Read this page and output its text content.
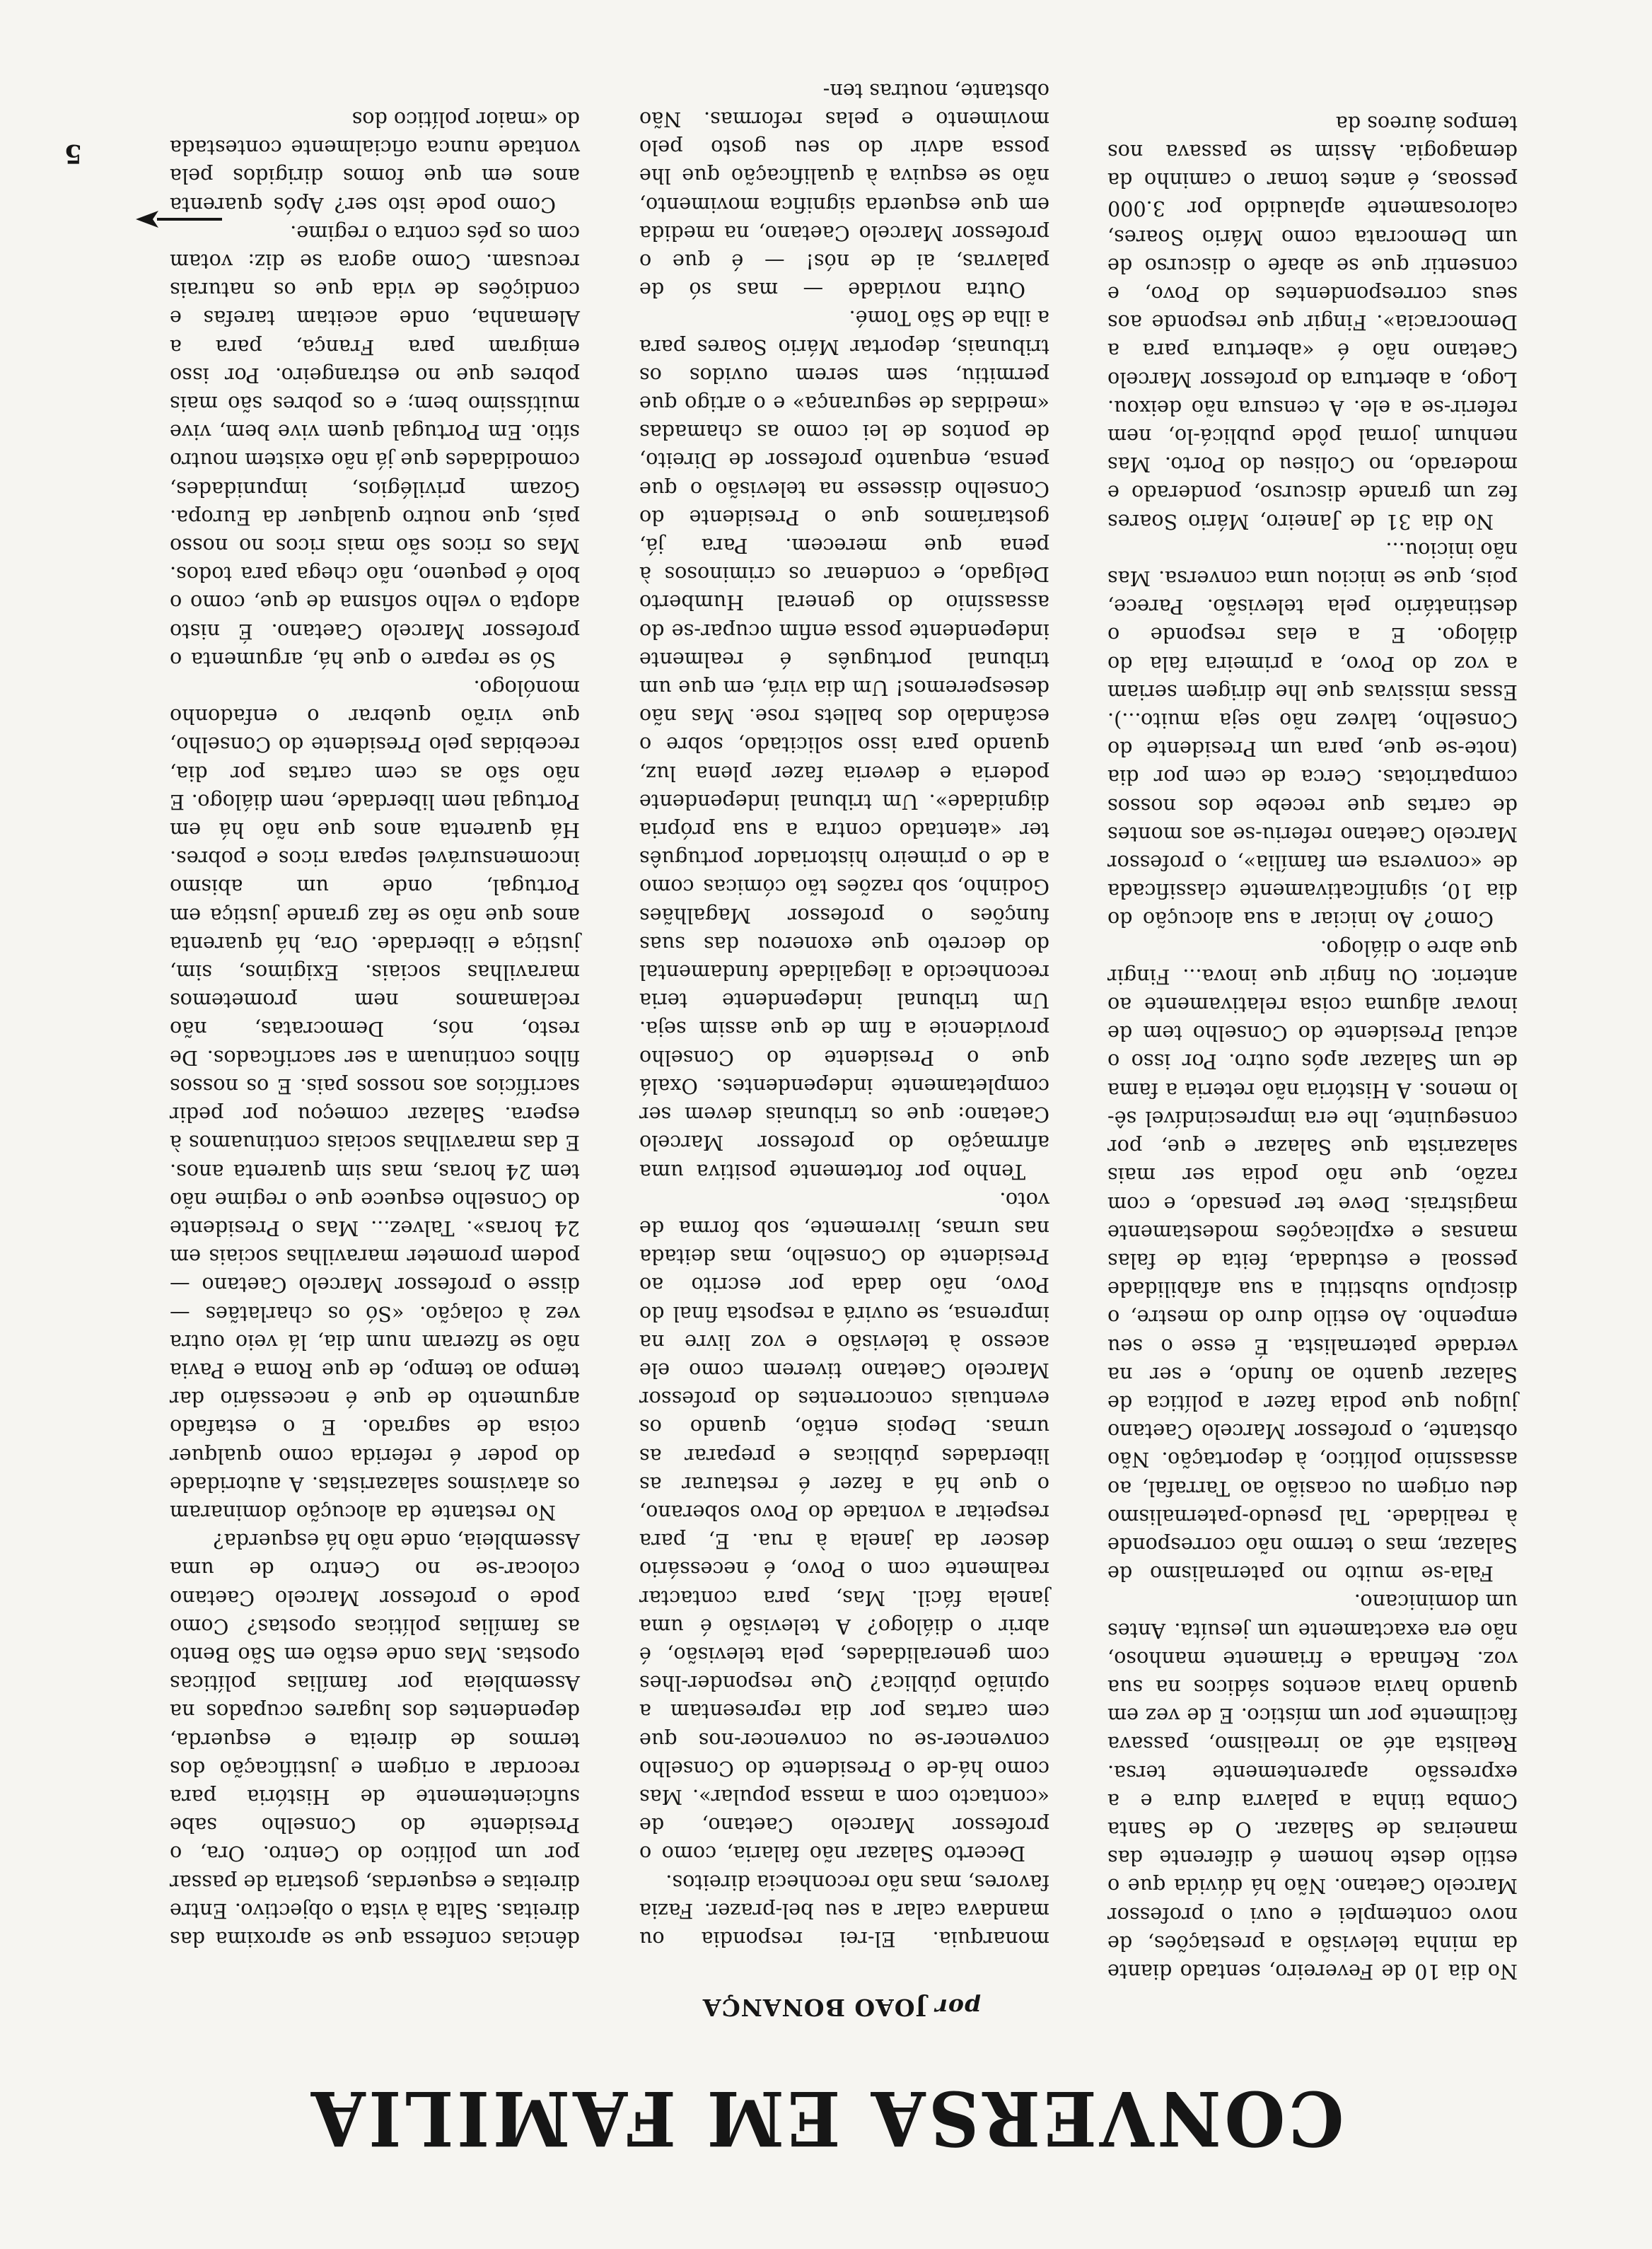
CONVERSA EM FAMILIA
por JOAO BONANÇA

No dia 10 de Fevereiro, sentado diante da minha televisão a prestações, de novo contemplei e ouvi o professor Marcelo Caetano. Não há dúvida que o estilo deste homem é diferente das maneiras de Salazar. O de Santa Comba tinha a palavra dura e a expressão aparentemente tersa. Realista até ao irrealismo, passava fàcilmente por um místico. E de vez em quando havia acentos sádicos na sua voz. Refinada e friamente manhoso, não era exactamente um jesuíta. Antes um dominicano.

Fala-se muito no paternalismo de Salazar, mas o termo não corresponde à realidade. Tal pseudo-paternalismo deu origem ou ocasião ao Tarrafal, ao assassínio político, à deportação. Não obstante, o professor Marcelo Caetano julgou que podia fazer a política de Salazar quanto ao fundo, e ser na verdade paternalista. É esse o seu empenho. Ao estilo duro do mestre, o discípulo substitui a sua afabilidade pessoal e estudada, feita de falas mansas e explicações modestamente magistrais. Deve ter pensado, e com razão, que não podia ser mais salazarista que Salazar e que, por conseguinte, lhe era imprescindível sê-lo menos. A História não reteria a fama de um Salazar após outro. Por isso o actual Presidente do Conselho tem de inovar alguma coisa relativamente ao anterior. Ou fingir que inova... Fingir que abre o diálogo.

Como? Ao iniciar a sua alocução do dia 10, significativamente classificada de «conversa em família», o professor Marcelo Caetano referiu-se aos montes de cartas que recebe dos nossos compatriotas. Cerca de cem por dia (note-se que, para um Presidente do Conselho, talvez não seja muito...). Essas missivas que lhe dirigem seriam a voz do Povo, a primeira fala do diálogo. E a elas responde o destinatário pela televisão. Parece, pois, que se iniciou uma conversa. Mas não iniciou...

No dia 31 de Janeiro, Mário Soares fez um grande discurso, ponderado e moderado, no Coliseu do Porto. Mas nenhum jornal pôde publicá-lo, nem referir-se a ele. A censura não deixou. Logo, a abertura do professor Marcelo Caetano não é «abertura para a Democracia». Fingir que responde aos seus correspondentes do Povo, e consentir que se abafe o discurso de um Democrata como Mário Soares, calorosamente aplaudido por 3.000 pessoas, é antes tomar o caminho da demagogia. Assim se passava nos tempos áureos da

monarquia. El-rei respondia ou mandava calar a seu bel-prazer. Fazia favores, mas não reconhecia direitos.

Decerto Salazar não falaria, como o professor Marcelo Caetano, de «contacto com a massa popular». Mas como há-de o Presidente do Conselho convencer-se ou convencer-nos que cem cartas por dia representam a opinião pública? Que responder-lhes com generalidades, pela televisão, é abrir o diálogo? A televisão é uma janela fácil. Mas, para contactar realmente com o Povo, é necessário descer da janela à rua. E, para respeitar a vontade do Povo soberano, o que há a fazer é restaurar as liberdades públicas e preparar as urnas. Depois então, quando os eventuais concorrentes do professor Marcelo Caetano tiverem como ele acesso à televisão e voz livre na imprensa, se ouvirá a resposta final do Povo, não dada por escrito ao Presidente do Conselho, mas deitada nas urnas, livremente, sob forma de voto.

Tenho por fortemente positiva uma afirmação do professor Marcelo Caetano: que os tribunais devem ser completamente independentes. Oxalá que o Presidente do Conselho providencie a fim de que assim seja. Um tribunal independente teria reconhecido a ilegalidade fundamental do decreto que exonerou das suas funções o professor Magalhães Godinho, sob razões tão cómicas como a de o primeiro historiador português ter «atentado contra a sua própria dignidade». Um tribunal independente poderia e deveria fazer plena luz, quando para isso solicitado, sobre o escândalo dos ballets rose. Mas não desesperemos! Um dia virá, em que um tribunal português é realmente independente possa enfim ocupar-se do assassínio do general Humberto Delgado, e condenar os criminosos à pena que merecem. Para já, gostaríamos que o Presidente do Conselho dissesse na televisão o que pensa, enquanto professor de Direito, de pontos de lei como as chamadas «medidas de segurança» e o artigo que permitiu, sem serem ouvidos os tribunais, deportar Mário Soares para a ilha de São Tomé.

Outra novidade — mas só de palavras, ai de nós! — é que o professor Marcelo Caetano, na medida em que esquerda significa movimento, não se esquiva à qualificação que lhe possa advir do seu gosto pelo movimento e pelas reformas. Não obstante, noutras ten-

dências confessa que se aproxima das direitas. Salta à vista o objectivo. Entre direitas e esquerdas, gostaria de passar por um político do Centro. Ora, o Presidente do Conselho sabe suficientemente de História para recordar a origem e justificação dos termos de direita e esquerda, dependentes dos lugares ocupados na Assembleia por famílias políticas opostas. Mas onde estão em São Bento as famílias políticas opostas? Como pode o professor Marcelo Caetano colocar-se no Centro de uma Assembleia, onde não há esquerda?

No restante da alocução dominaram os atavismos salazaristas. A autoridade do poder é referida como qualquer coisa de sagrado. E o estafado argumento de que é necessário dar tempo ao tempo, de que Roma e Pavia não se fizeram num dia, lá veio outra vez à colação. «Só os charlatães — disse o professor Marcelo Caetano — podem prometer maravilhas sociais em 24 horas». Talvez... Mas o Presidente do Conselho esquece que o regime não tem 24 horas, mas sim quarenta anos. E das maravilhas sociais continuamos à espera. Salazar começou por pedir sacrifícios aos nossos pais. E os nossos filhos continuam a ser sacrificados. De resto, nós, Democratas, não reclamamos nem prometemos maravilhas sociais. Exigimos, sim, justiça e liberdade. Ora, há quarenta anos que não se faz grande justiça em Portugal, onde um abismo incomensurável separa ricos e pobres. Há quarenta anos que não há em Portugal nem liberdade, nem diálogo. E não são as cem cartas por dia, recebidas pelo Presidente do Conselho, que virão quebrar o enfadonho monólogo.

Só se repare o que há, argumenta o professor Marcelo Caetano. É nisto adopta o velho sofisma de que, como o bolo é pequeno, não chega para todos. Mas os ricos são mais ricos no nosso país, que noutro qualquer da Europa. Gozam privilégios, impunidades, comodidades que já não existem noutro sítio. Em Portugal quem vive bem, vive muitíssimo bem; e os pobres são mais pobres que no estrangeiro. Por isso emigram para França, para a Alemanha, onde aceitam tarefas e condições de vida que os naturais recusam. Como agora se diz: votam com os pés contra o regime.

Como pode isto ser? Após quarenta anos em que fomos dirigidos pela vontade nunca oficialmente contestada do «maior político dos

5
